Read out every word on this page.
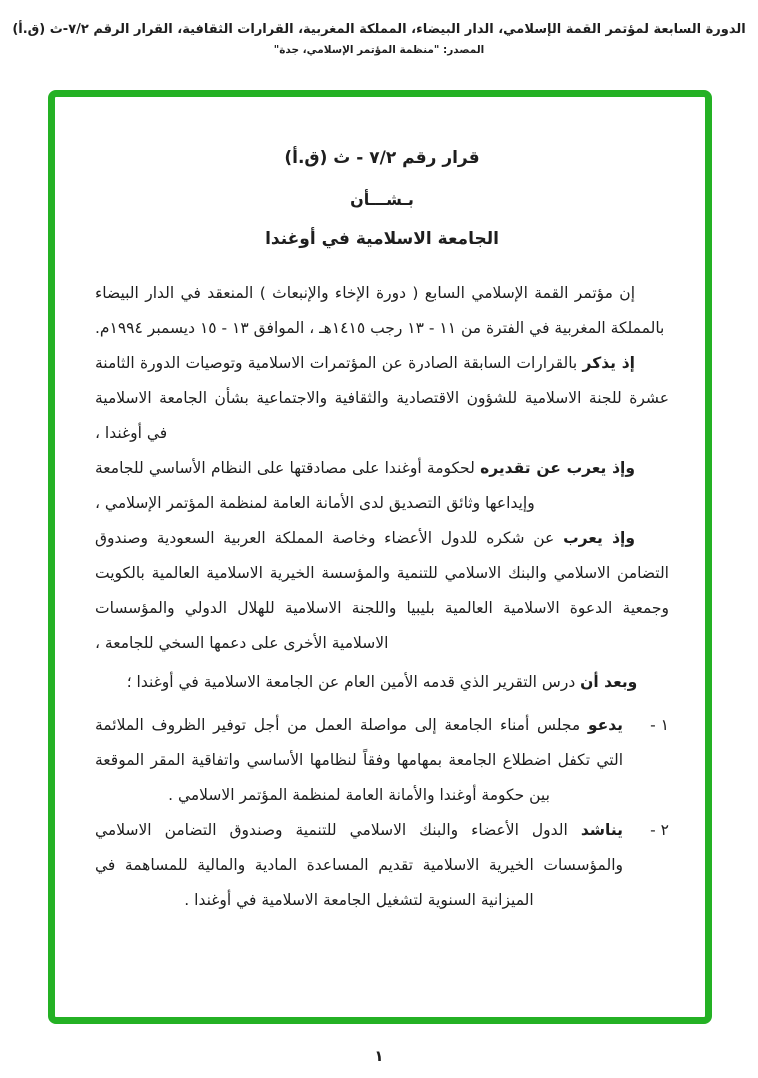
الدورة السابعة لمؤتمر القمة الإسلامي، الدار البيضاء، المملكة المغربية، القرارات الثقافية، القرار الرقم ٧/٢-ث (ق.أ)
المصدر: "منظمة المؤتمر الإسلامي، جدة"
قرار رقم ٧/٢ - ث (ق.أ)
بـشـــأن
الجامعة الاسلامية في أوغندا

إن مؤتمر القمة الإسلامي السابع ( دورة الإخاء والإنبعاث ) المنعقد في الدار البيضاء بالمملكة المغربية في الفترة من ١١ - ١٣ رجب ١٤١٥هـ ، الموافق ١٣ - ١٥ ديسمبر ١٩٩٤م.

إذ يذكر بالقرارات السابقة الصادرة عن المؤتمرات الاسلامية وتوصيات الدورة الثامنة عشرة للجنة الاسلامية للشؤون الاقتصادية والثقافية والاجتماعية بشأن الجامعة الاسلامية في أوغندا ،

وإذ يعرب عن تقديره لحكومة أوغندا على مصادقتها على النظام الأساسي للجامعة وإيداعها وثائق التصديق لدى الأمانة العامة لمنظمة المؤتمر الإسلامي ،

وإذ يعرب عن شكره للدول الأعضاء وخاصة المملكة العربية السعودية وصندوق التضامن الاسلامي والبنك الاسلامي للتنمية والمؤسسة الخيرية الاسلامية العالمية بالكويت وجمعية الدعوة الاسلامية العالمية بليبيا واللجنة الاسلامية للهلال الدولي والمؤسسات الاسلامية الأخرى على دعمها السخي للجامعة ،

وبعد أن درس التقرير الذي قدمه الأمين العام عن الجامعة الاسلامية في أوغندا ؛

١ -
يدعو مجلس أمناء الجامعة إلى مواصلة العمل من أجل توفير الظروف الملائمة التي تكفل اضطلاع الجامعة بمهامها وفقاً لنظامها الأساسي واتفاقية المقر الموقعة بين حكومة أوغندا والأمانة العامة لمنظمة المؤتمر الاسلامي .
٢ -
يناشد الدول الأعضاء والبنك الاسلامي للتنمية وصندوق التضامن الاسلامي والمؤسسات الخيرية الاسلامية تقديم المساعدة المادية والمالية للمساهمة في الميزانية السنوية لتشغيل الجامعة الاسلامية في أوغندا .
١
